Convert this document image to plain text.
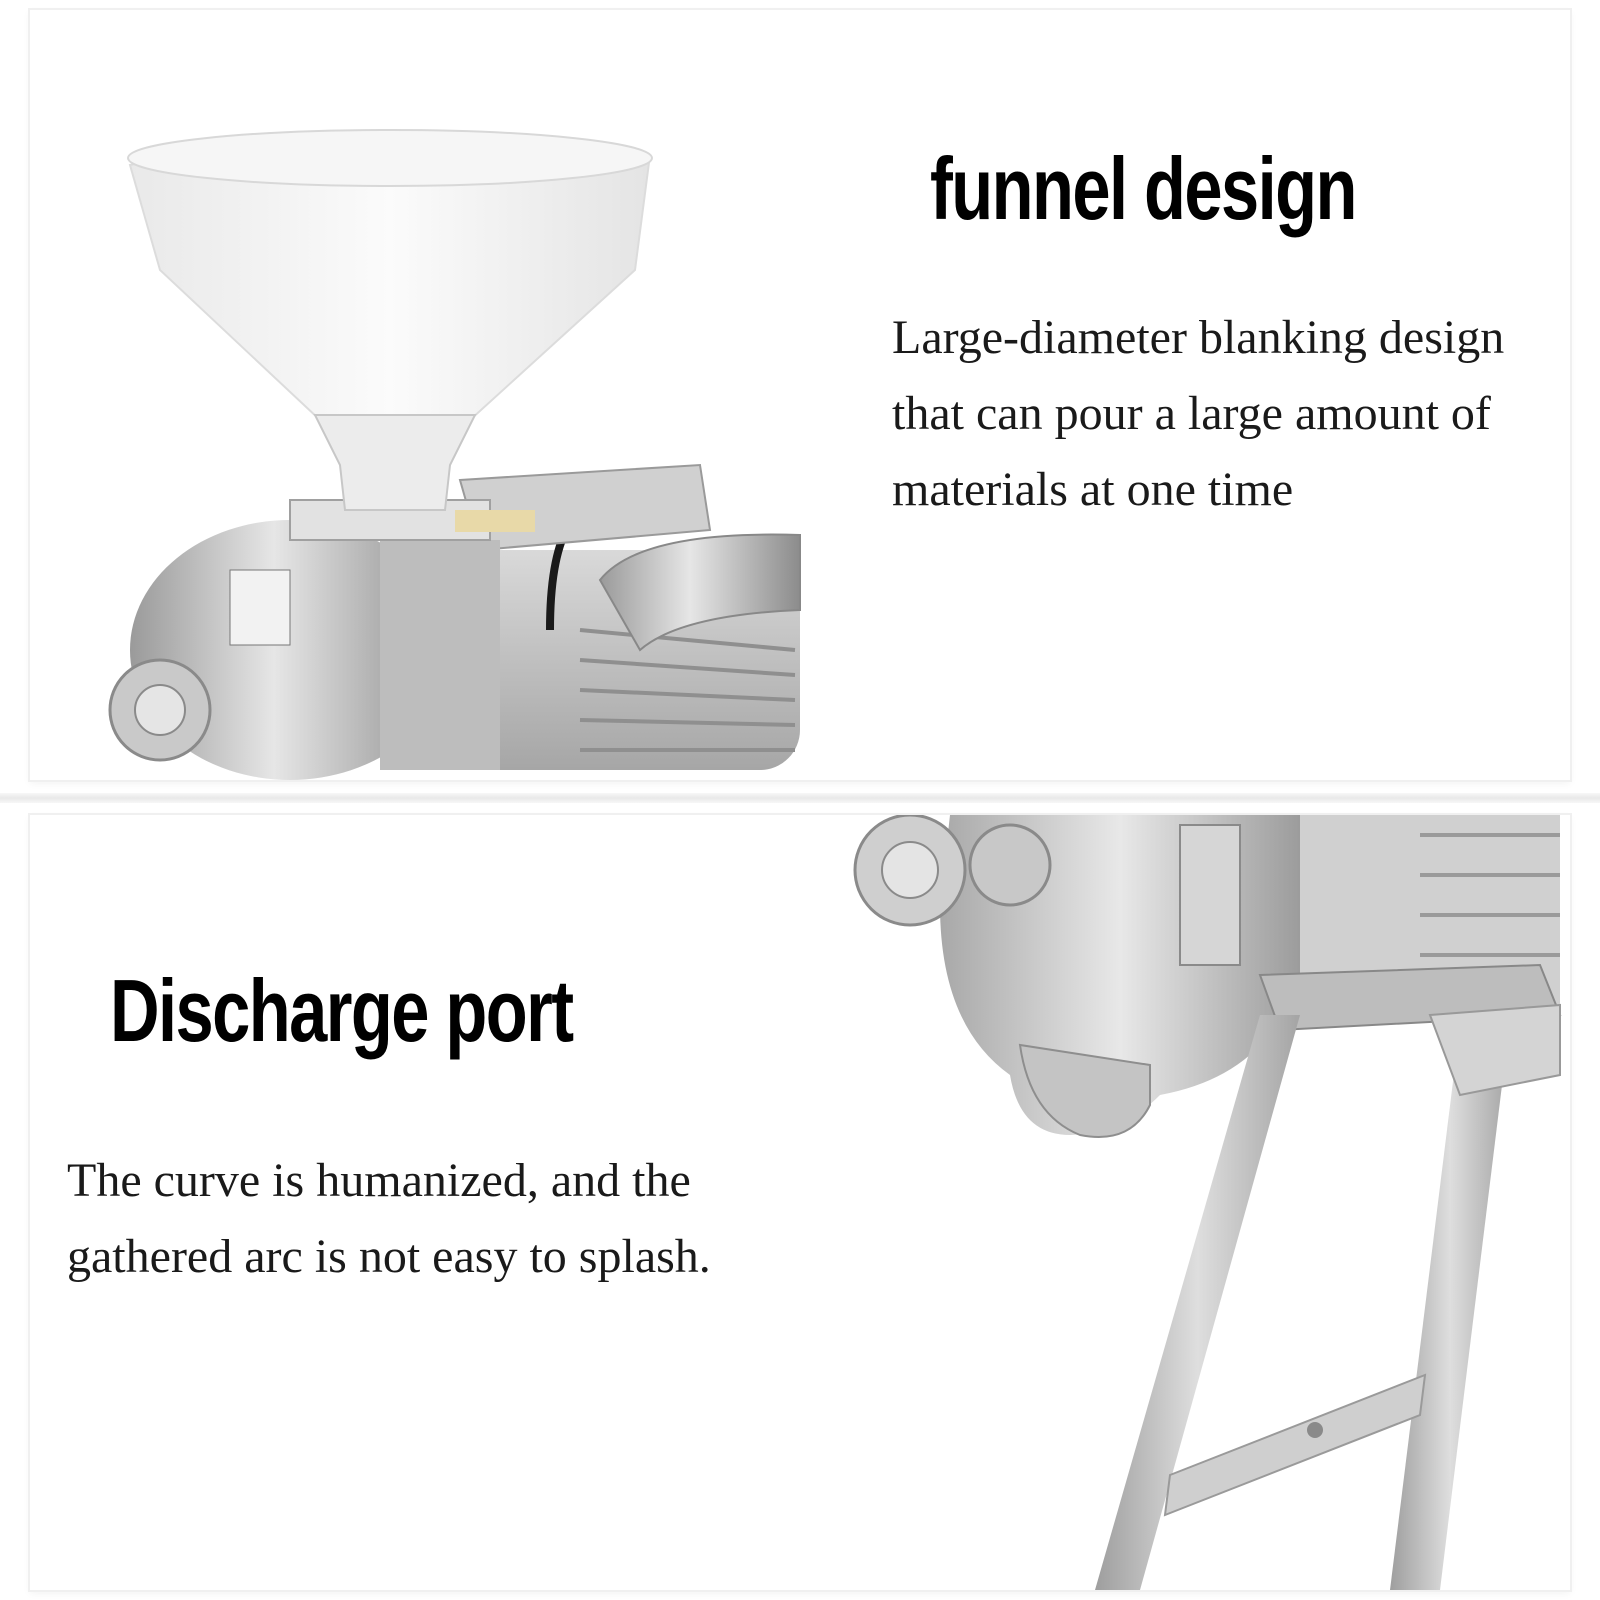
funnel design

Large-diameter blanking design that can pour a large amount of materials at one time

Discharge port

The curve is humanized, and the gathered arc is not easy to splash.
